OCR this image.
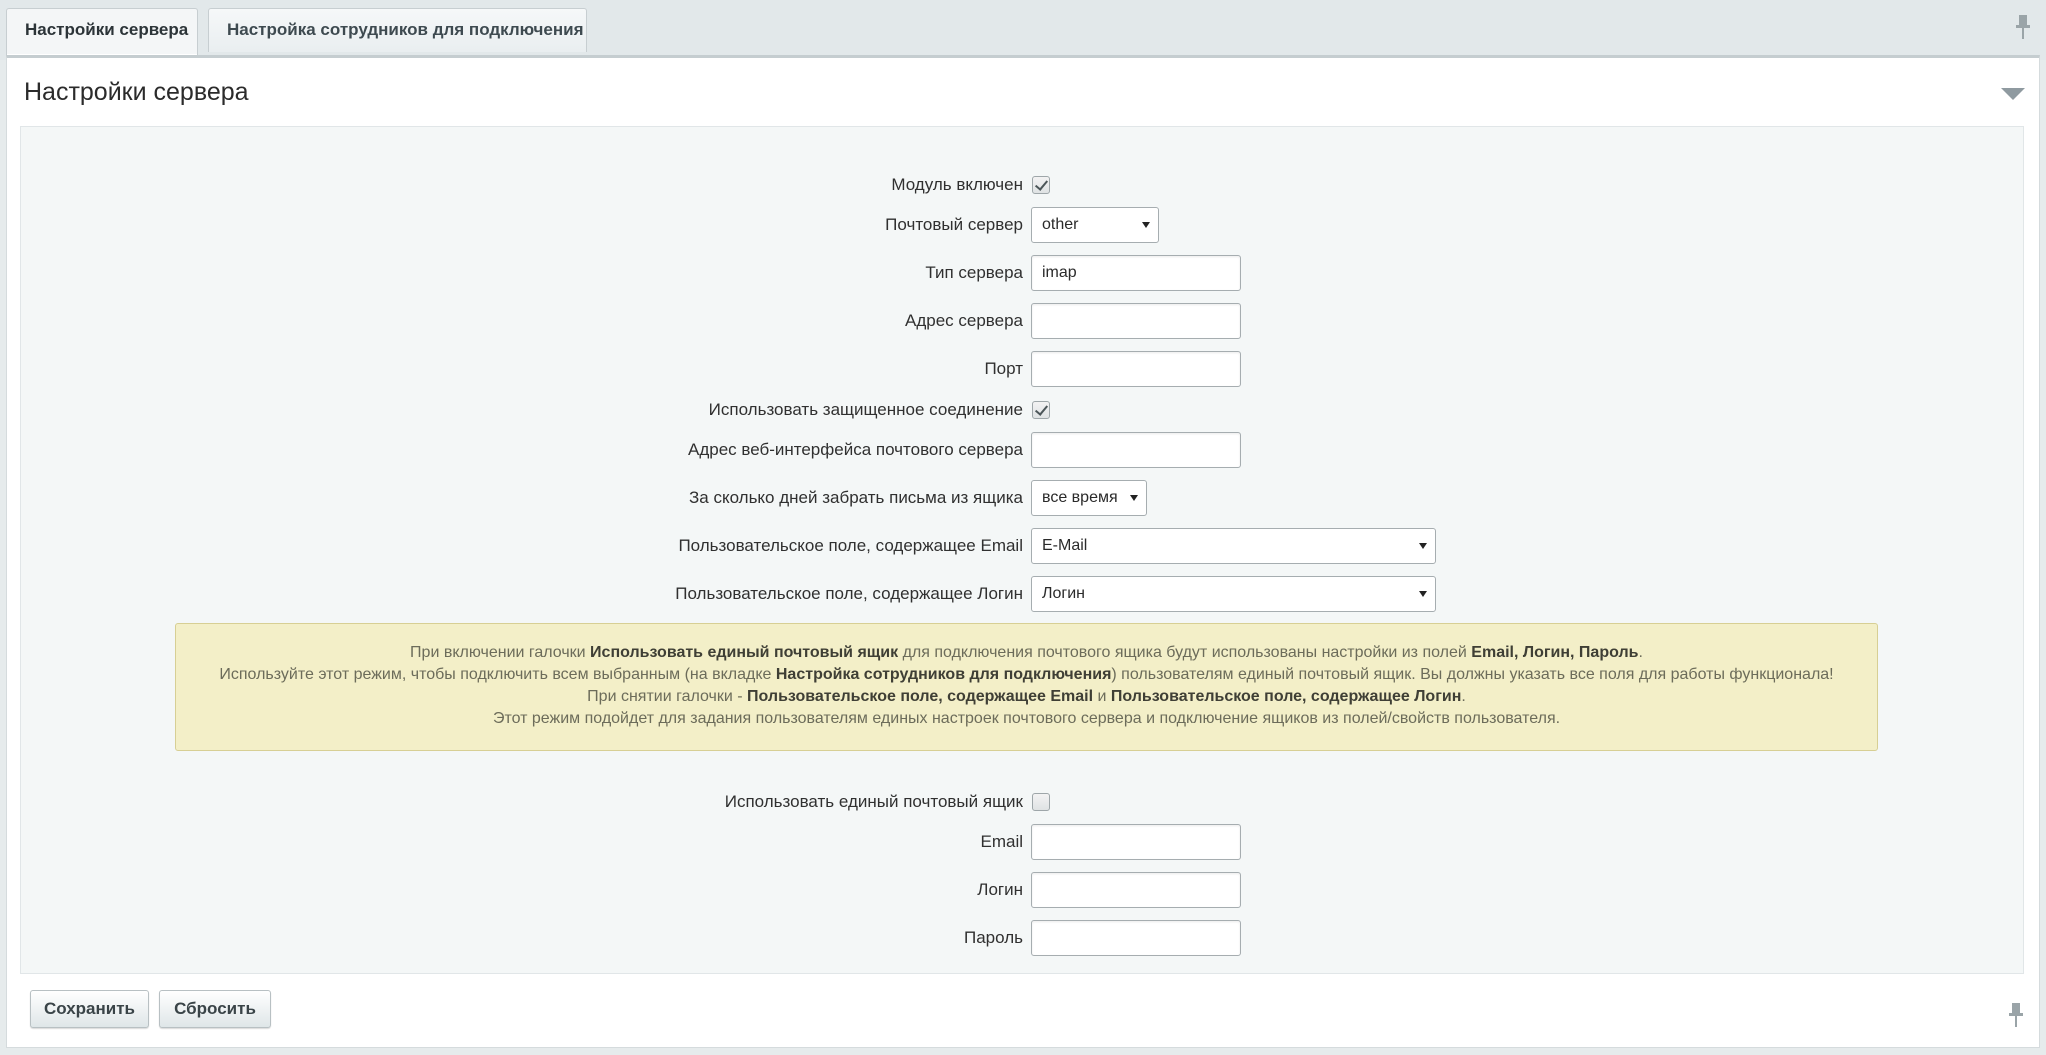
Настройки сервера	Настройка сотрудников для подключения
Настройки сервера
Модуль включен
Почтовый сервер	other
Тип сервера	imap
Адрес сервера
Порт
Использовать защищенное соединение
Адрес веб-интерфейса почтового сервера
За сколько дней забрать письма из ящика	все время
Пользовательское поле, содержащее Email	E-Mail
Пользовательское поле, содержащее Логин	Логин
При включении галочки Использовать единый почтовый ящик для подключения почтового ящика будут использованы настройки из полей Email, Логин, Пароль.
Используйте этот режим, чтобы подключить всем выбранным (на вкладке Настройка сотрудников для подключения) пользователям единый почтовый ящик. Вы должны указать все поля для работы функционала!
При снятии галочки - Пользовательское поле, содержащее Email и Пользовательское поле, содержащее Логин.
Этот режим подойдет для задания пользователям единых настроек почтового сервера и подключение ящиков из полей/свойств пользователя.
Использовать единый почтовый ящик
Email
Логин
Пароль
Сохранить	Сбросить
